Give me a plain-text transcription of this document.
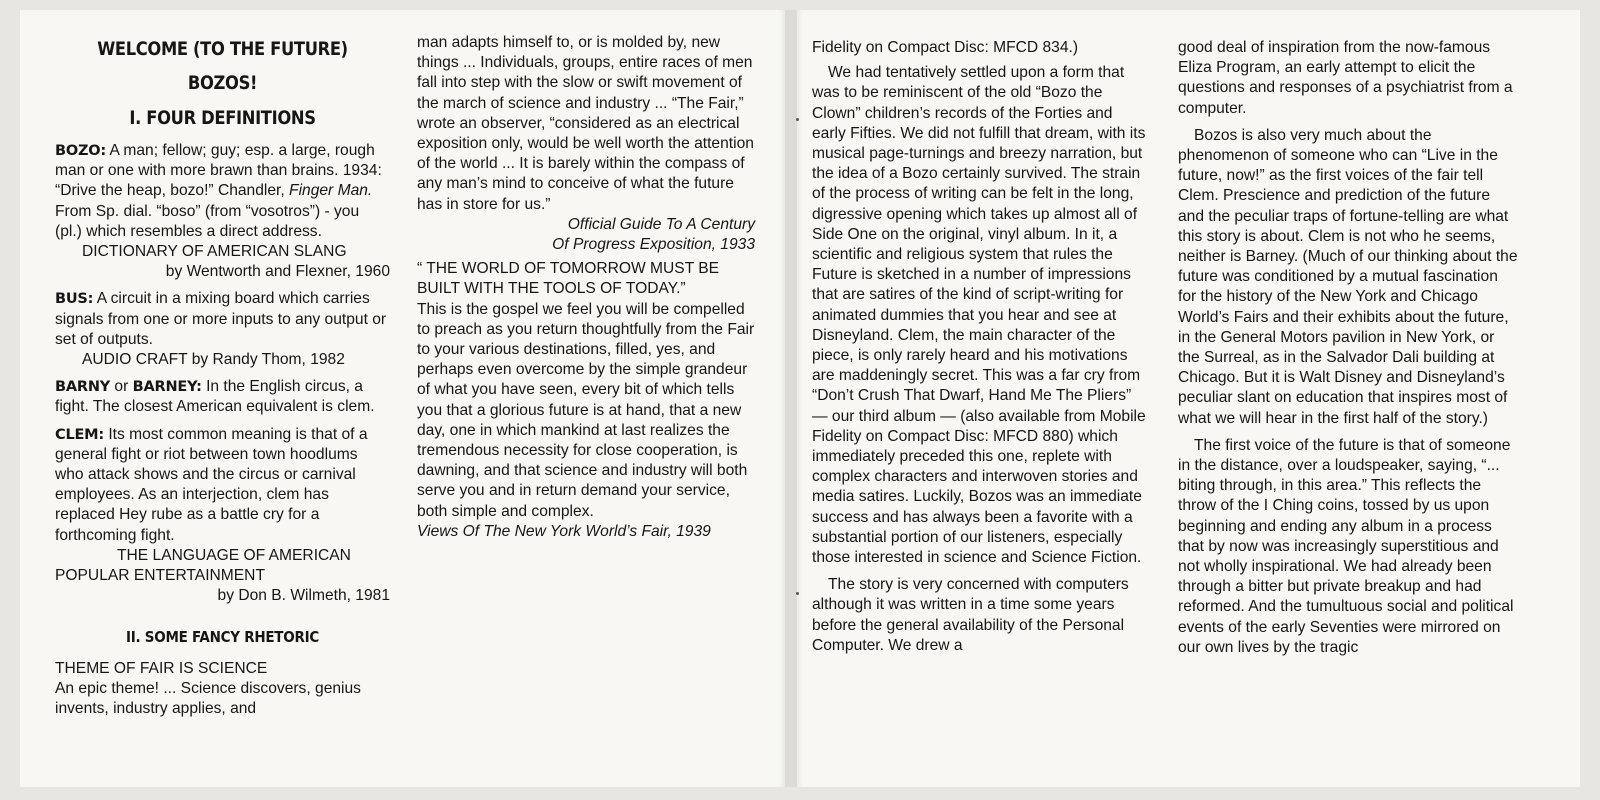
WELCOME (TO THE FUTURE)
BOZOS!
I. FOUR DEFINITIONS

BOZO: A man; fellow; guy; esp. a large, rough man or one with more brawn than brains. 1934: “Drive the heap, bozo!” Chandler, Finger Man. From Sp. dial. “boso” (from “vosotros”) - you (pl.) which resembles a direct address.

DICTIONARY OF AMERICAN SLANG

by Wentworth and Flexner, 1960

BUS: A circuit in a mixing board which carries signals from one or more inputs to any output or set of outputs.

AUDIO CRAFT by Randy Thom, 1982

BARNY or BARNEY: In the English circus, a fight. The closest American equivalent is clem.

CLEM: Its most common meaning is that of a general fight or riot between town hoodlums who attack shows and the circus or carnival employees. As an interjection, clem has replaced Hey rube as a battle cry for a forthcoming fight.

THE LANGUAGE OF AMERICAN

POPULAR ENTERTAINMENT

by Don B. Wilmeth, 1981

II. SOME FANCY RHETORIC

THEME OF FAIR IS SCIENCE

An epic theme! ... Science discovers, genius invents, industry applies, and

man adapts himself to, or is molded by, new things ... Individuals, groups, entire races of men fall into step with the slow or swift movement of the march of science and industry ... “The Fair,” wrote an observer, “considered as an electrical exposition only, would be well worth the attention of the world ... It is barely within the compass of any man’s mind to conceive of what the future has in store for us.”

Official Guide To A Century

Of Progress Exposition, 1933

“ THE WORLD OF TOMORROW MUST BE BUILT WITH THE TOOLS OF TODAY.”

This is the gospel we feel you will be compelled to preach as you return thoughtfully from the Fair to your various destinations, filled, yes, and perhaps even overcome by the simple grandeur of what you have seen, every bit of which tells you that a glorious future is at hand, that a new day, one in which mankind at last realizes the tremendous necessity for close cooperation, is dawning, and that science and industry will both serve you and in return demand your service, both simple and complex.

Views Of The New York World’s Fair, 1939

Fidelity on Compact Disc: MFCD 834.)

We had tentatively settled upon a form that was to be reminiscent of the old “Bozo the Clown” children’s records of the Forties and early Fifties. We did not fulfill that dream, with its musical page-turnings and breezy narration, but the idea of a Bozo certainly survived. The strain of the process of writing can be felt in the long, digressive opening which takes up almost all of Side One on the original, vinyl album. In it, a scientific and religious system that rules the Future is sketched in a number of impressions that are satires of the kind of script-writing for animated dummies that you hear and see at Disneyland. Clem, the main character of the piece, is only rarely heard and his motivations are maddeningly secret. This was a far cry from “Don’t Crush That Dwarf, Hand Me The Pliers” — our third album — (also available from Mobile Fidelity on Compact Disc: MFCD 880) which immediately preceded this one, replete with complex characters and interwoven stories and media satires. Luckily, Bozos was an immediate success and has always been a favorite with a substantial portion of our listeners, especially those interested in science and Science Fiction.

The story is very concerned with computers although it was written in a time some years before the general availability of the Personal Computer. We drew a

good deal of inspiration from the now-famous Eliza Program, an early attempt to elicit the questions and responses of a psychiatrist from a computer.

Bozos is also very much about the phenomenon of someone who can “Live in the future, now!” as the first voices of the fair tell Clem. Prescience and prediction of the future and the peculiar traps of fortune-telling are what this story is about. Clem is not who he seems, neither is Barney. (Much of our thinking about the future was conditioned by a mutual fascination for the history of the New York and Chicago World’s Fairs and their exhibits about the future, in the General Motors pavilion in New York, or the Surreal, as in the Salvador Dali building at Chicago. But it is Walt Disney and Disneyland’s peculiar slant on education that inspires most of what we will hear in the first half of the story.)

The first voice of the future is that of someone in the distance, over a loudspeaker, saying, “... biting through, in this area.” This reflects the throw of the I Ching coins, tossed by us upon beginning and ending any album in a process that by now was increasingly superstitious and not wholly inspirational. We had already been through a bitter but private breakup and had reformed. And the tumultuous social and political events of the early Seventies were mirrored on our own lives by the tragic
